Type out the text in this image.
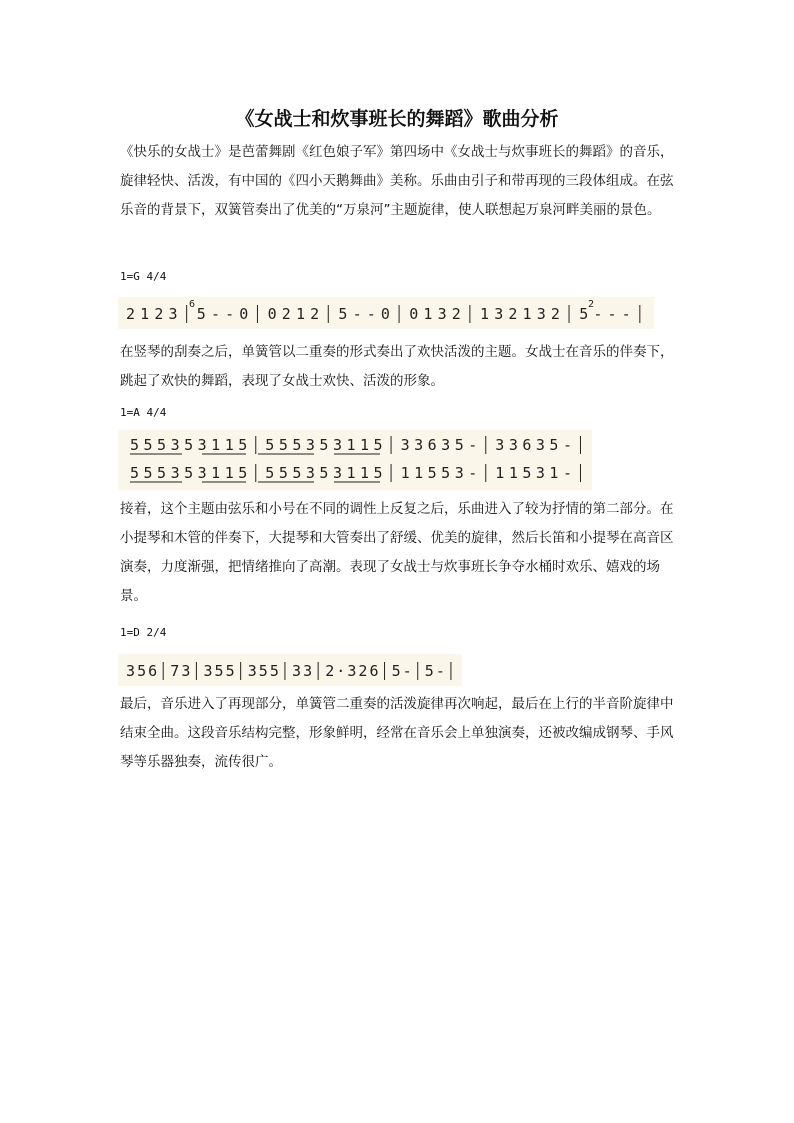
《女战士和炊事班长的舞蹈》歌曲分析
《快乐的女战士》是芭蕾舞剧《红色娘子军》第四场中《女战士与炊事班长的舞蹈》的音乐，旋律轻快、活泼，有中国的《四小天鹅舞曲》美称。乐曲由引子和带再现的三段体组成。在弦乐音的背景下，双簧管奏出了优美的“万泉河”主题旋律，使人联想起万泉河畔美丽的景色。
1=G 4/4
2 1 2 3 5 - - 0 0 2 1 2 5 - - 0 0 1 3 2 1 3 2 1 3 2 5 - - -
6	2
在竖琴的刮奏之后，单簧管以二重奏的形式奏出了欢快活泼的主题。女战士在音乐的伴奏下，跳起了欢快的舞蹈，表现了女战士欢快、活泼的形象。
1=A 4/4
5 5 5 3 5 3 1 1 5 5 5 5 3 5 3 1 1 5 3 3 6 3 5 - 3 3 6 3 5 -
5 5 5 3 5 3 1 1 5 5 5 5 3 5 3 1 1 5 1 1 5 5 3 - 1 1 5 3 1 -
接着，这个主题由弦乐和小号在不同的调性上反复之后，乐曲进入了较为抒情的第二部分。在小提琴和木管的伴奏下，大提琴和大管奏出了舒缓、优美的旋律，然后长笛和小提琴在高音区演奏，力度渐强，把情绪推向了高潮。表现了女战士与炊事班长争夺水桶时欢乐、嬉戏的场景。
1=D 2/4
3 5 6 7 3 3 5 5 3 5 5 3 3 2 · 3 2 6 5 - 5 -
最后，音乐进入了再现部分，单簧管二重奏的活泼旋律再次响起，最后在上行的半音阶旋律中结束全曲。这段音乐结构完整，形象鲜明，经常在音乐会上单独演奏，还被改编成钢琴、手风琴等乐器独奏，流传很广。
